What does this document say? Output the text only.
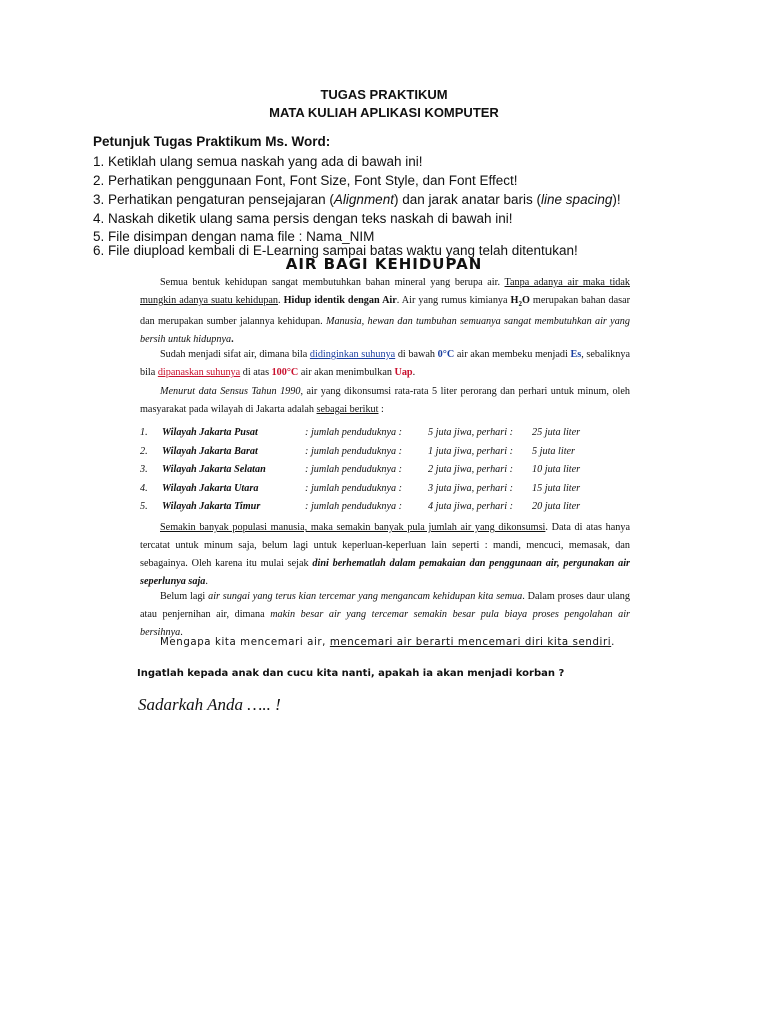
TUGAS PRAKTIKUM
MATA KULIAH APLIKASI KOMPUTER
Petunjuk Tugas Praktikum Ms. Word:
1. Ketiklah ulang semua naskah yang ada di bawah ini!
2. Perhatikan penggunaan Font, Font Size, Font Style, dan Font Effect!
3. Perhatikan pengaturan pensejajaran (Alignment) dan jarak anatar baris (line spacing)!
4. Naskah diketik ulang sama persis dengan teks naskah di bawah ini!
5. File disimpan dengan nama file : Nama_NIM
6. File diupload kembali di E-Learning sampai batas waktu yang telah ditentukan!
AIR BAGI KEHIDUPAN
Semua bentuk kehidupan sangat membutuhkan bahan mineral yang berupa air. Tanpa adanya air maka tidak mungkin adanya suatu kehidupan. Hidup identik dengan Air. Air yang rumus kimianya $H_2O$ merupakan bahan dasar dan merupakan sumber jalannya kehidupan. Manusia, hewan dan tumbuhan semuanya sangat membutuhkan air yang bersih untuk hidupnya.
Sudah menjadi sifat air, dimana bila didinginkan suhunya di bawah 0°C air akan membeku menjadi Es, sebaliknya bila dipanaskan suhunya di atas 100°C air akan menimbulkan Uap.
Menurut data Sensus Tahun 1990, air yang dikonsumsi rata-rata 5 liter perorang dan perhari untuk minum, oleh masyarakat pada wilayah di Jakarta adalah sebagai berikut :
1. Wilayah Jakarta Pusat	: jumlah penduduknya :	5 juta jiwa, perhari : 25 juta liter
2. Wilayah Jakarta Barat	: jumlah penduduknya :	1 juta jiwa, perhari : 5 juta liter
3. Wilayah Jakarta Selatan	: jumlah penduduknya :	2 juta jiwa, perhari : 10 juta liter
4. Wilayah Jakarta Utara	: jumlah penduduknya :	3 juta jiwa, perhari : 15 juta liter
5. Wilayah Jakarta Timur	: jumlah penduduknya :	4 juta jiwa, perhari : 20 juta liter
Semakin banyak populasi manusia, maka semakin banyak pula jumlah air yang dikonsumsi. Data di atas hanya tercatat untuk minum saja, belum lagi untuk keperluan-keperluan lain seperti : mandi, mencuci, memasak, dan sebagainya. Oleh karena itu mulai sejak dini berhematlah dalam pemakaian dan penggunaan air, pergunakan air seperlunya saja.
Belum lagi air sungai yang terus kian tercemar yang mengancam kehidupan kita semua. Dalam proses daur ulang atau penjernihan air, dimana makin besar air yang tercemar semakin besar pula biaya proses pengolahan air bersihnya.
Mengapa kita mencemari air, mencemari air berarti mencemari diri kita sendiri.
Ingatlah kepada anak dan cucu kita nanti, apakah ia akan menjadi korban ?
Sadarkah Anda ….. !
